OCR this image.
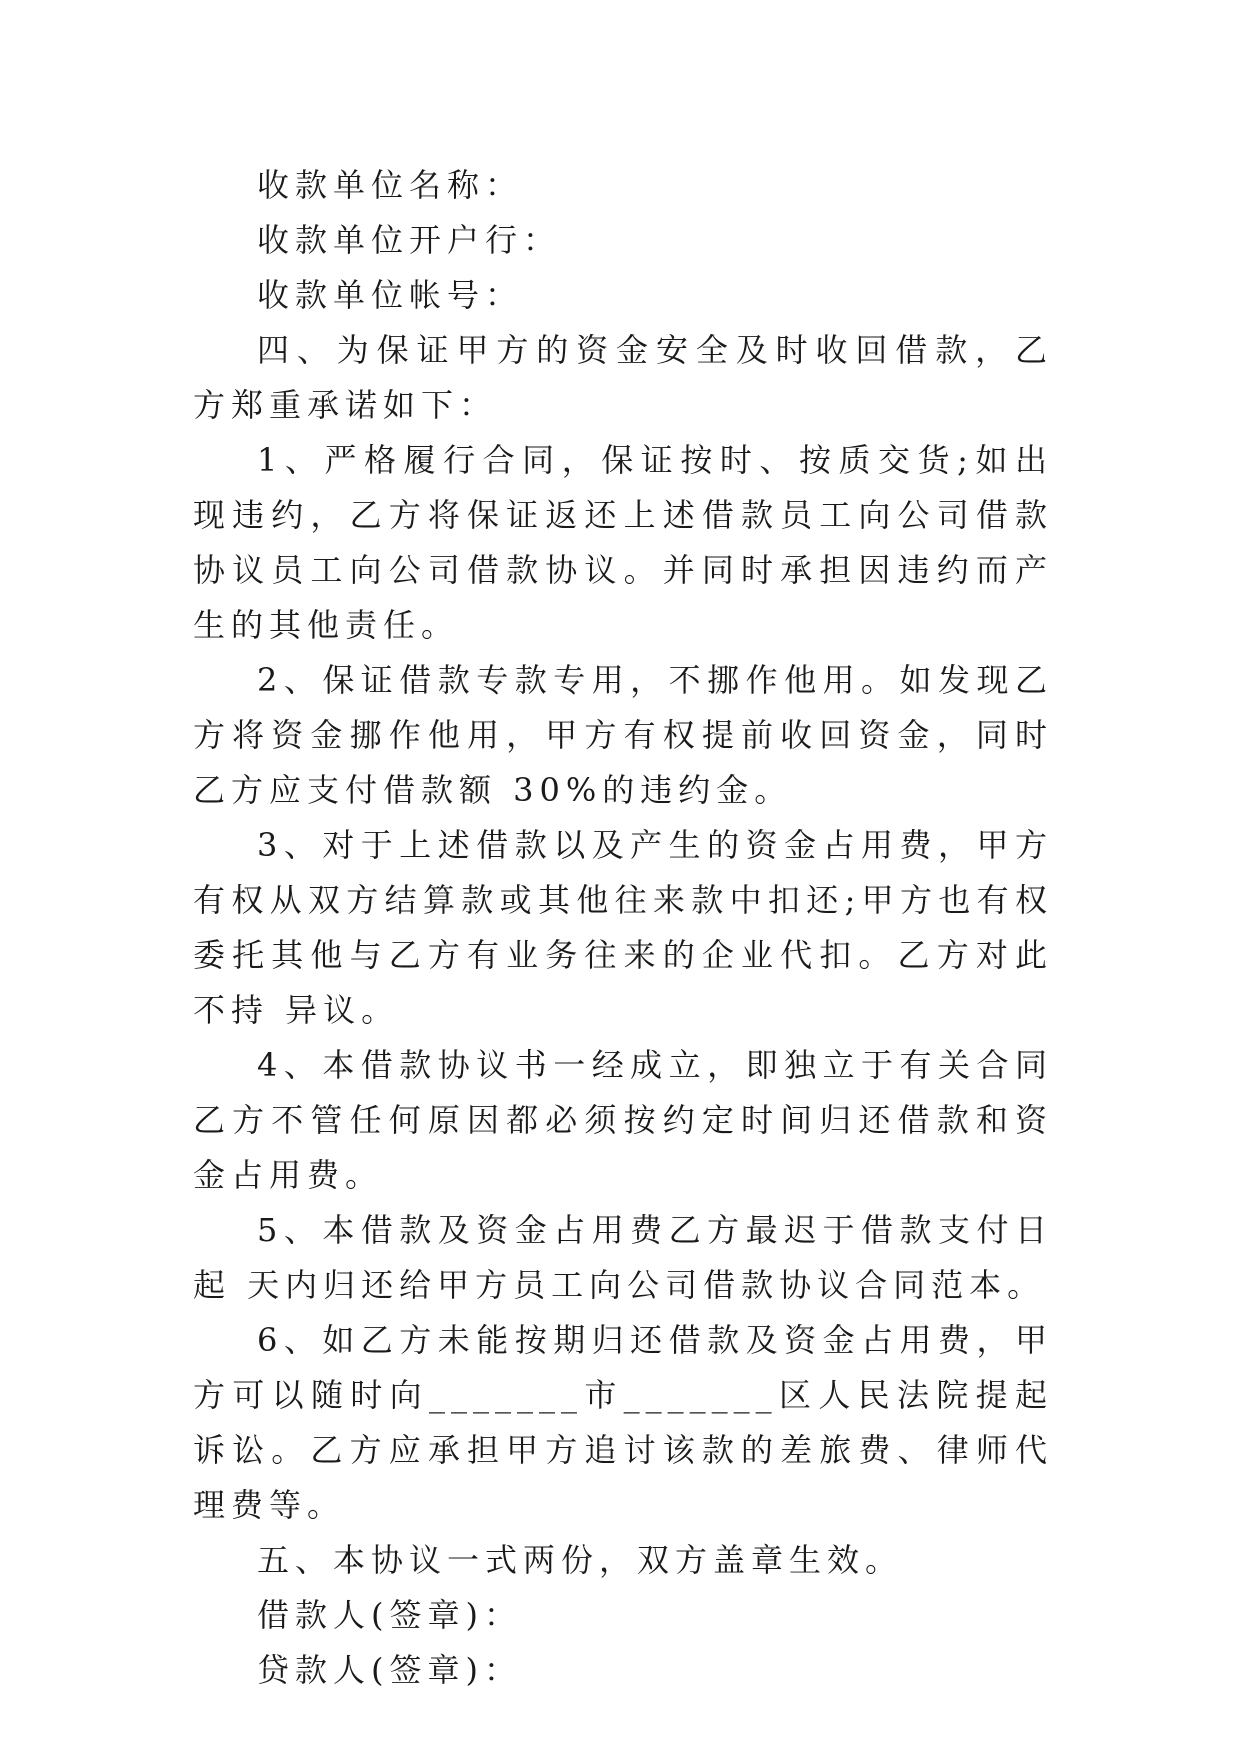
收款单位名称：

收款单位开户行：

收款单位帐号：

四、为保证甲方的资金安全及时收回借款，乙方郑重承诺如下：

1、严格履行合同，保证按时、按质交货;如出现违约，乙方将保证返还上述借款员工向公司借款协议员工向公司借款协议。并同时承担因违约而产生的其他责任。

2、保证借款专款专用，不挪作他用。如发现乙方将资金挪作他用，甲方有权提前收回资金，同时乙方应支付借款额 30%的违约金。

3、对于上述借款以及产生的资金占用费，甲方有权从双方结算款或其他往来款中扣还;甲方也有权委托其他与乙方有业务往来的企业代扣。乙方对此不持 异议。

4、本借款协议书一经成立，即独立于有关合同乙方不管任何原因都必须按约定时间归还借款和资金占用费。

5、本借款及资金占用费乙方最迟于借款支付日起 天内归还给甲方员工向公司借款协议合同范本。

6、如乙方未能按期归还借款及资金占用费，甲方可以随时向_______市_______区人民法院提起诉讼。乙方应承担甲方追讨该款的差旅费、律师代理费等。

五、本协议一式两份，双方盖章生效。

借款人(签章)：

贷款人(签章)：
